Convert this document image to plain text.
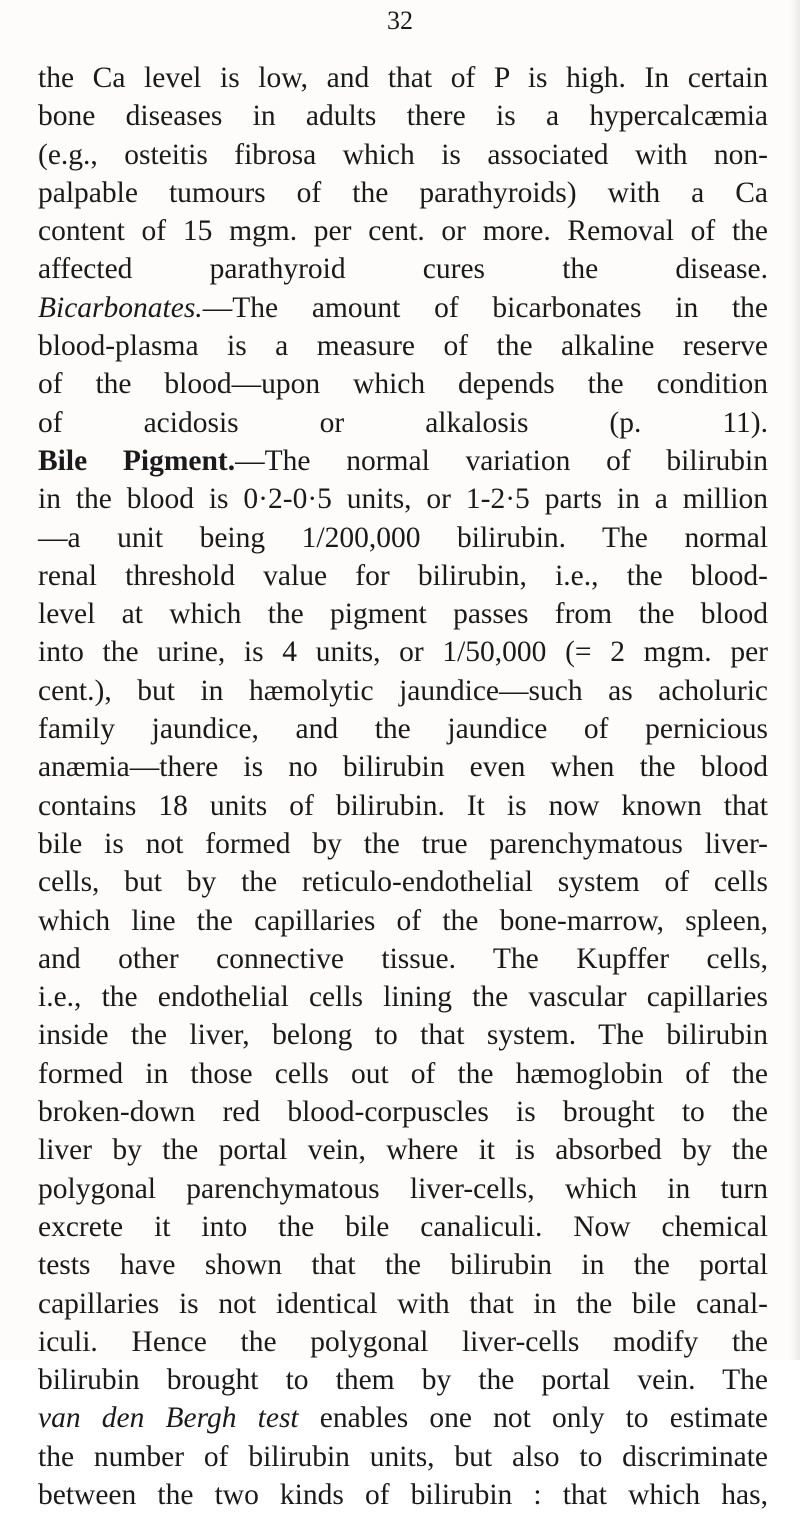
32
the Ca level is low, and that of P is high. In certain
bone diseases in adults there is a hypercalcæmia
(e.g., osteitis fibrosa which is associated with non-
palpable tumours of the parathyroids) with a Ca
content of 15 mgm. per cent. or more. Removal of the
affected parathyroid cures the disease.
Bicarbonates.—The amount of bicarbonates in the
blood-plasma is a measure of the alkaline reserve
of the blood—upon which depends the condition
of acidosis or alkalosis (p. 11).
Bile Pigment.—The normal variation of bilirubin
in the blood is 0·2-0·5 units, or 1-2·5 parts in a million
—a unit being 1/200,000 bilirubin. The normal
renal threshold value for bilirubin, i.e., the blood-
level at which the pigment passes from the blood
into the urine, is 4 units, or 1/50,000 (= 2 mgm. per
cent.), but in hæmolytic jaundice—such as acholuric
family jaundice, and the jaundice of pernicious
anæmia—there is no bilirubin even when the blood
contains 18 units of bilirubin. It is now known that
bile is not formed by the true parenchymatous liver-
cells, but by the reticulo-endothelial system of cells
which line the capillaries of the bone-marrow, spleen,
and other connective tissue. The Kupffer cells,
i.e., the endothelial cells lining the vascular capillaries
inside the liver, belong to that system. The bilirubin
formed in those cells out of the hæmoglobin of the
broken-down red blood-corpuscles is brought to the
liver by the portal vein, where it is absorbed by the
polygonal parenchymatous liver-cells, which in turn
excrete it into the bile canaliculi. Now chemical
tests have shown that the bilirubin in the portal
capillaries is not identical with that in the bile canal-
iculi. Hence the polygonal liver-cells modify the
bilirubin brought to them by the portal vein. The
van den Bergh test enables one not only to estimate
the number of bilirubin units, but also to discriminate
between the two kinds of bilirubin : that which has,
